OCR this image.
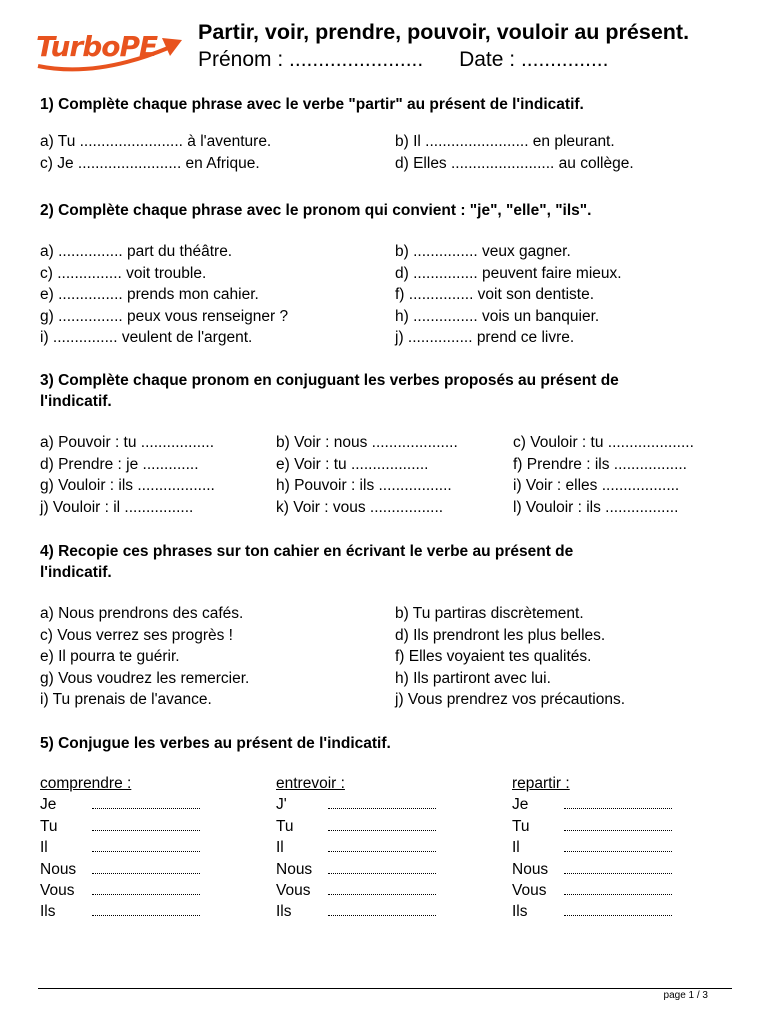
TurboPE Partir, voir, prendre, pouvoir, vouloir au présent.
Prénom : ....................... Date : ...............
1) Complète chaque phrase avec le verbe "partir" au présent de l'indicatif.
a) Tu ........................ à l'aventure.	b) Il ........................ en pleurant.
c) Je ........................ en Afrique.	d) Elles ........................ au collège.
2) Complète chaque phrase avec le pronom qui convient : "je", "elle", "ils".
a) ............... part du théâtre.	b) ............... veux gagner.
c) ............... voit trouble.	d) ............... peuvent faire mieux.
e) ............... prends mon cahier.	f) ............... voit son dentiste.
g) ............... peux vous renseigner ?	h) ............... vois un banquier.
i) ............... veulent de l'argent.	j) ............... prend ce livre.
3) Complète chaque pronom en conjuguant les verbes proposés au présent de
l'indicatif.
a) Pouvoir : tu .................	b) Voir : nous ....................	c) Vouloir : tu ....................
d) Prendre : je .............	e) Voir : tu ..................	f) Prendre : ils .................
g) Vouloir : ils ..................	h) Pouvoir : ils .................	i) Voir : elles ..................
j) Vouloir : il ................	k) Voir : vous .................	l) Vouloir : ils .................
4) Recopie ces phrases sur ton cahier en écrivant le verbe au présent de
l'indicatif.
a) Nous prendrons des cafés.	b) Tu partiras discrètement.
c) Vous verrez ses progrès !	d) Ils prendront les plus belles.
e) Il pourra te guérir.	f) Elles voyaient tes qualités.
g) Vous voudrez les remercier.	h) Ils partiront avec lui.
i) Tu prenais de l'avance.	j) Vous prendrez vos précautions.
5) Conjugue les verbes au présent de l'indicatif.
comprendre :
Je
Tu
Il
Nous
Vous
Ils
entrevoir :
J'
Tu
Il
Nous
Vous
Ils
repartir :
Je
Tu
Il
Nous
Vous
Ils
page 1 / 3
